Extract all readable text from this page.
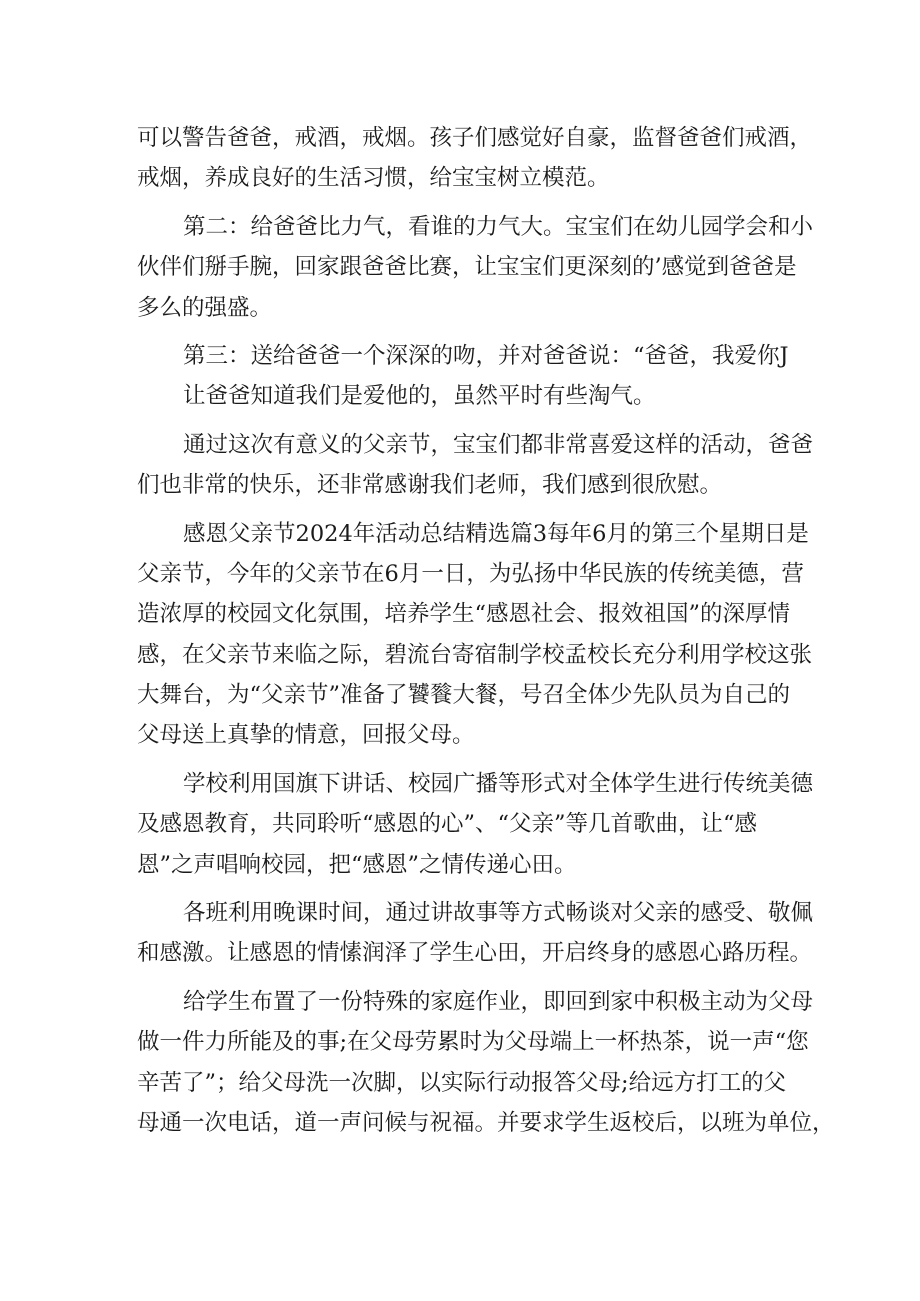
可以警告爸爸，戒酒，戒烟。孩子们感觉好自豪，监督爸爸们戒酒，
戒烟，养成良好的生活习惯，给宝宝树立模范。
第二：给爸爸比力气，看谁的力气大。宝宝们在幼儿园学会和小
伙伴们掰手腕，回家跟爸爸比赛，让宝宝们更深刻的’感觉到爸爸是
多么的强盛。
第三：送给爸爸一个深深的吻，并对爸爸说：“爸爸，我爱你J
让爸爸知道我们是爱他的，虽然平时有些淘气。
通过这次有意义的父亲节，宝宝们都非常喜爱这样的活动，爸爸
们也非常的快乐，还非常感谢我们老师，我们感到很欣慰。
感恩父亲节2024年活动总结精选篇3每年6月的第三个星期日是
父亲节，今年的父亲节在6月一日，为弘扬中华民族的传统美德，营
造浓厚的校园文化氛围，培养学生“感恩社会、报效祖国”的深厚情
感，在父亲节来临之际，碧流台寄宿制学校孟校长充分利用学校这张
大舞台，为“父亲节”准备了饕餮大餐，号召全体少先队员为自己的
父母送上真挚的情意，回报父母。
学校利用国旗下讲话、校园广播等形式对全体学生进行传统美德
及感恩教育，共同聆听“感恩的心”、“父亲”等几首歌曲，让“感
恩”之声唱响校园，把“感恩”之情传递心田。
各班利用晚课时间，通过讲故事等方式畅谈对父亲的感受、敬佩
和感激。让感恩的情愫润泽了学生心田，开启终身的感恩心路历程。
给学生布置了一份特殊的家庭作业，即回到家中积极主动为父母
做一件力所能及的事;在父母劳累时为父母端上一杯热茶，说一声“您
辛苦了”；给父母洗一次脚，以实际行动报答父母;给远方打工的父
母通一次电话，道一声问候与祝福。并要求学生返校后，以班为单位，
